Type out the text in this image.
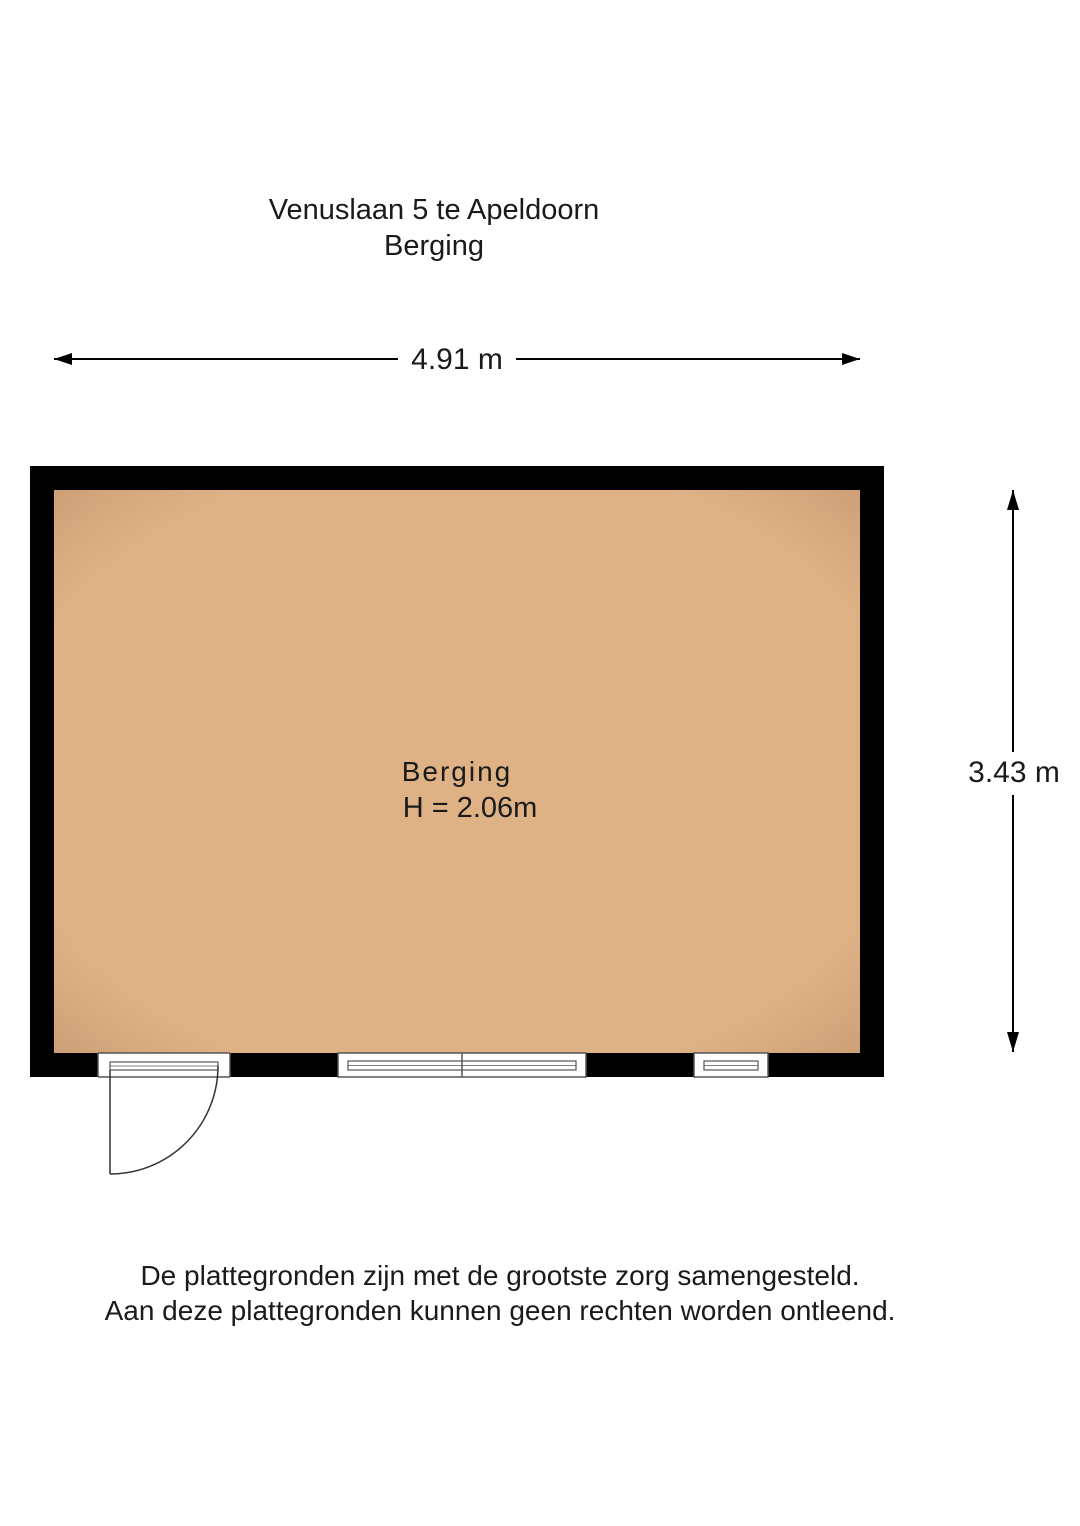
Venuslaan 5 te Apeldoorn
Berging
4.91 m
3.43 m
Berging
H = 2.06m
De plattegronden zijn met de grootste zorg samengesteld.
Aan deze plattegronden kunnen geen rechten worden ontleend.
